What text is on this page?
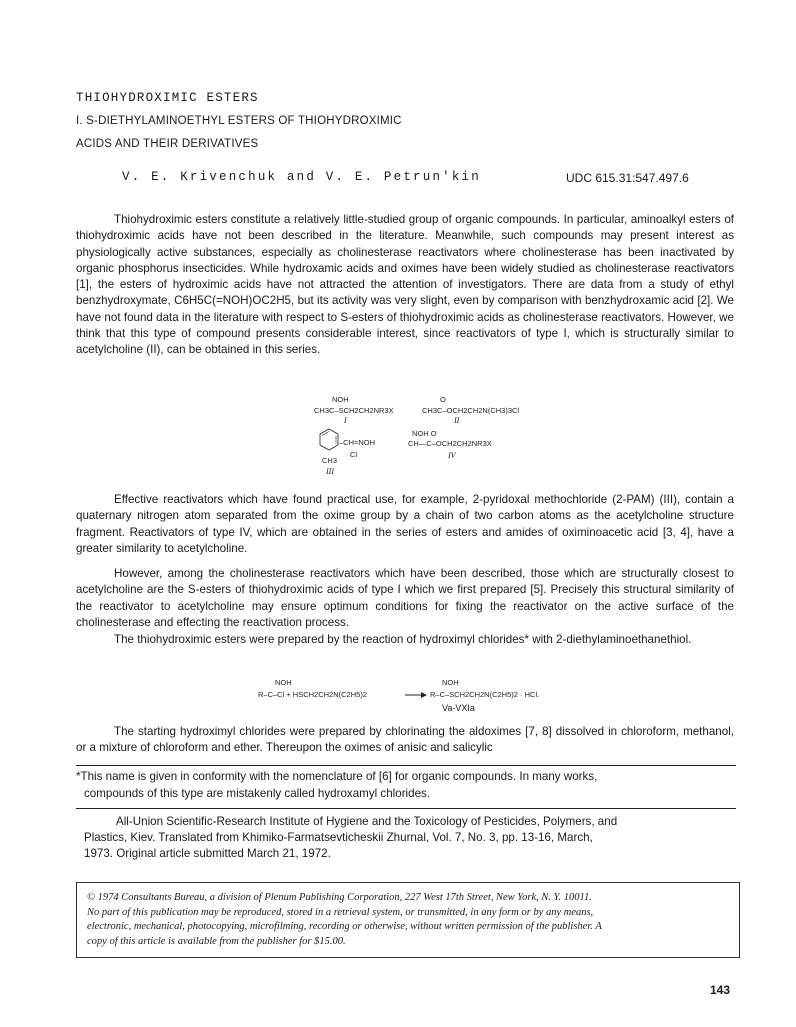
THIOHYDROXIMIC ESTERS
I. S-DIETHYLAMINOETHYL ESTERS OF THIOHYDROXIMIC
ACIDS AND THEIR DERIVATIVES
V. E. Krivenchuk and V. E. Petrun'kin	UDC 615.31:547.497.6

Thiohydroximic esters constitute a relatively little-studied group of organic compounds. In particular, aminoalkyl esters of thiohydroximic acids have not been described in the literature. Meanwhile, such compounds may present interest as physiologically active substances, especially as cholinesterase reactivators where cholinesterase has been inactivated by organic phosphorus insecticides. While hydroxamic acids and oximes have been widely studied as cholinesterase reactivators [1], the esters of hydroximic acids have not attracted the attention of investigators. There are data from a study of ethyl benzhydroxymate, C6H5C(=NOH)OC2H5, but its activity was very slight, even by comparison with benzhydroxamic acid [2]. We have not found data in the literature with respect to S-esters of thiohydroximic acids as cholinesterase reactivators. However, we think that this type of compound presents considerable interest, since reactivators of type I, which is structurally similar to acetylcholine (II), can be obtained in this series.

NOH
CH3C–SCH2CH2NR3X
I
O
CH3C–OCH2CH2N(CH3)3Cl
II
–CH=NOH
Cl
CH3
III
NOH O
CH—C–OCH2CH2NR3X
IV

Effective reactivators which have found practical use, for example, 2-pyridoxal methochloride (2-PAM) (III), contain a quaternary nitrogen atom separated from the oxime group by a chain of two carbon atoms as the acetylcholine structure fragment. Reactivators of type IV, which are obtained in the series of esters and amides of oximinoacetic acid [3, 4], have a greater similarity to acetylcholine.

However, among the cholinesterase reactivators which have been described, those which are structurally closest to acetylcholine are the S-esters of thiohydroximic acids of type I which we first prepared [5]. Precisely this structural similarity of the reactivator to acetylcholine may ensure optimum conditions for fixing the reactivator on the active surface of the cholinesterase and effecting the reactivation process.

The thiohydroximic esters were prepared by the reaction of hydroximyl chlorides* with 2-diethylaminoethanethiol.

NOH
R–C–Cl + HSCH2CH2N(C2H5)2
NOH
R–C–SCH2CH2N(C2H5)2 · HCl.
Va-VXIa

The starting hydroximyl chlorides were prepared by chlorinating the aldoximes [7, 8] dissolved in chloroform, methanol, or a mixture of chloroform and ether. Thereupon the oximes of anisic and salicylic

*This name is given in conformity with the nomenclature of [6] for organic compounds. In many works,
compounds of this type are mistakenly called hydroxamyl chlorides.
All-Union Scientific-Research Institute of Hygiene and the Toxicology of Pesticides, Polymers, and
Plastics, Kiev. Translated from Khimiko-Farmatsevticheskii Zhurnal, Vol. 7, No. 3, pp. 13-16, March,
1973. Original article submitted March 21, 1972.
© 1974 Consultants Bureau, a division of Plenum Publishing Corporation, 227 West 17th Street, New York, N. Y. 10011.
No part of this publication may be reproduced, stored in a retrieval system, or transmitted, in any form or by any means,
electronic, mechanical, photocopying, microfilming, recording or otherwise, without written permission of the publisher. A
copy of this article is available from the publisher for $15.00.
143
